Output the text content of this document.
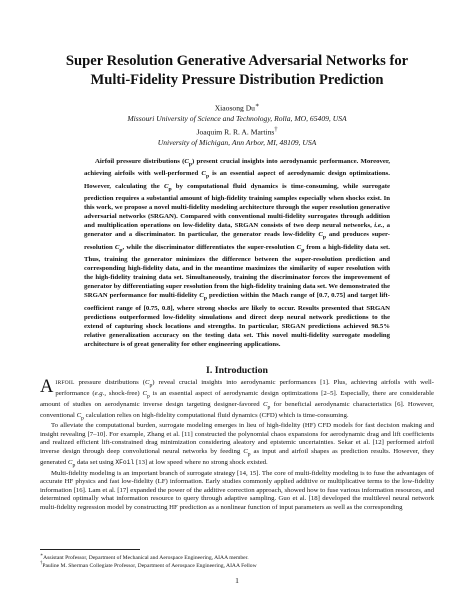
Super Resolution Generative Adversarial Networks for
Multi-Fidelity Pressure Distribution Prediction
Xiaosong Du∗
Missouri University of Science and Technology, Rolla, MO, 65409, USA
Joaquim R. R. A. Martins†
University of Michigan, Ann Arbor, MI, 48109, USA

Airfoil pressure distributions $(C_p)$ present crucial insights into aerodynamic performance. Moreover, achieving airfoils with well-performed $C_p$ is an essential aspect of aerodynamic design optimizations. However, calculating the $C_p$ by computational fluid dynamics is time-consuming, while surrogate prediction requires a substantial amount of high-fidelity training samples especially when shocks exist. In this work, we propose a novel multi-fidelity modeling architecture through the super resolution generative adversarial networks (SRGAN). Compared with conventional multi-fidelity surrogates through addition and multiplication operations on low-fidelity data, SRGAN consists of two deep neural networks, i.e., a generator and a discriminator. In particular, the generator reads low-fidelity $C_p$ and produces super-resolution $C_p$, while the discriminator differentiates the super-resolution $C_p$ from a high-fidelity data set. Thus, training the generator minimizes the difference between the super-resolution prediction and corresponding high-fidelity data, and in the meantime maximizes the similarity of super resolution with the high-fidelity training data set. Simultaneously, training the discriminator forces the improvement of generator by differentiating super resolution from the high-fidelity training data set. We demonstrated the SRGAN performance for multi-fidelity $C_p$ prediction within the Mach range of [0.7, 0.75] and target lift-coefficient range of [0.75, 0.8], where strong shocks are likely to occur. Results presented that SRGAN predictions outperformed low-fidelity simulations and direct deep neural network predictions to the extend of capturing shock locations and strengths. In particular, SRGAN predictions achieved 98.5% relative generalization accuracy on the testing data set. This novel multi-fidelity surrogate modeling architecture is of great generality for other engineering applications.

I. Introduction

AIRFOIL pressure distributions $(C_p)$ reveal crucial insights into aerodynamic performances [1]. Plus, achieving airfoils with well-performance (e.g., shock-free) $C_p$ is an essential aspect of aerodynamic design optimizations [2–5]. Especially, there are considerable amount of studies on aerodynamic inverse design targeting designer-favored $C_p$ for beneficial aerodynamic characteristics [6]. However, conventional $C_p$ calculation relies on high-fidelity computational fluid dynamics (CFD) which is time-consuming.

To alleviate the computational burden, surrogate modeling emerges in lieu of high-fidelity (HF) CFD models for fast decision making and insight revealing [7–10]. For example, Zhang et al. [11] constructed the polynomial chaos expansions for aerodynamic drag and lift coefficients and realized efficient lift-constrained drag minimization considering aleatory and epistemic uncertainties. Sekar et al. [12] performed airfoil inverse design through deep convolutional neural networks by feeding $C_p$ as input and airfoil shapes as prediction results. However, they generated $C_p$ data set using XFoil [13] at low speed where no strong shock existed.

Multi-fidelity modeling is an important branch of surrogate strategy [14, 15]. The core of multi-fidelity modeling is to fuse the advantages of accurate HF physics and fast low-fidelity (LF) information. Early studies commonly applied additive or multiplicative terms to the low-fidelity information [16]. Lam et al. [17] expanded the power of the additive correction approach, showed how to fuse various information resources, and determined optimally what information resource to query through adaptive sampling. Guo et al. [18] developed the multilevel neural network multi-fidelity regression model by constructing HF prediction as a nonlinear function of input parameters as well as the corresponding

∗Assistant Professor, Department of Mechanical and Aerospace Engineering, AIAA member.
†Pauline M. Sherman Collegiate Professor, Department of Aerospace Engineering, AIAA Fellow
1
